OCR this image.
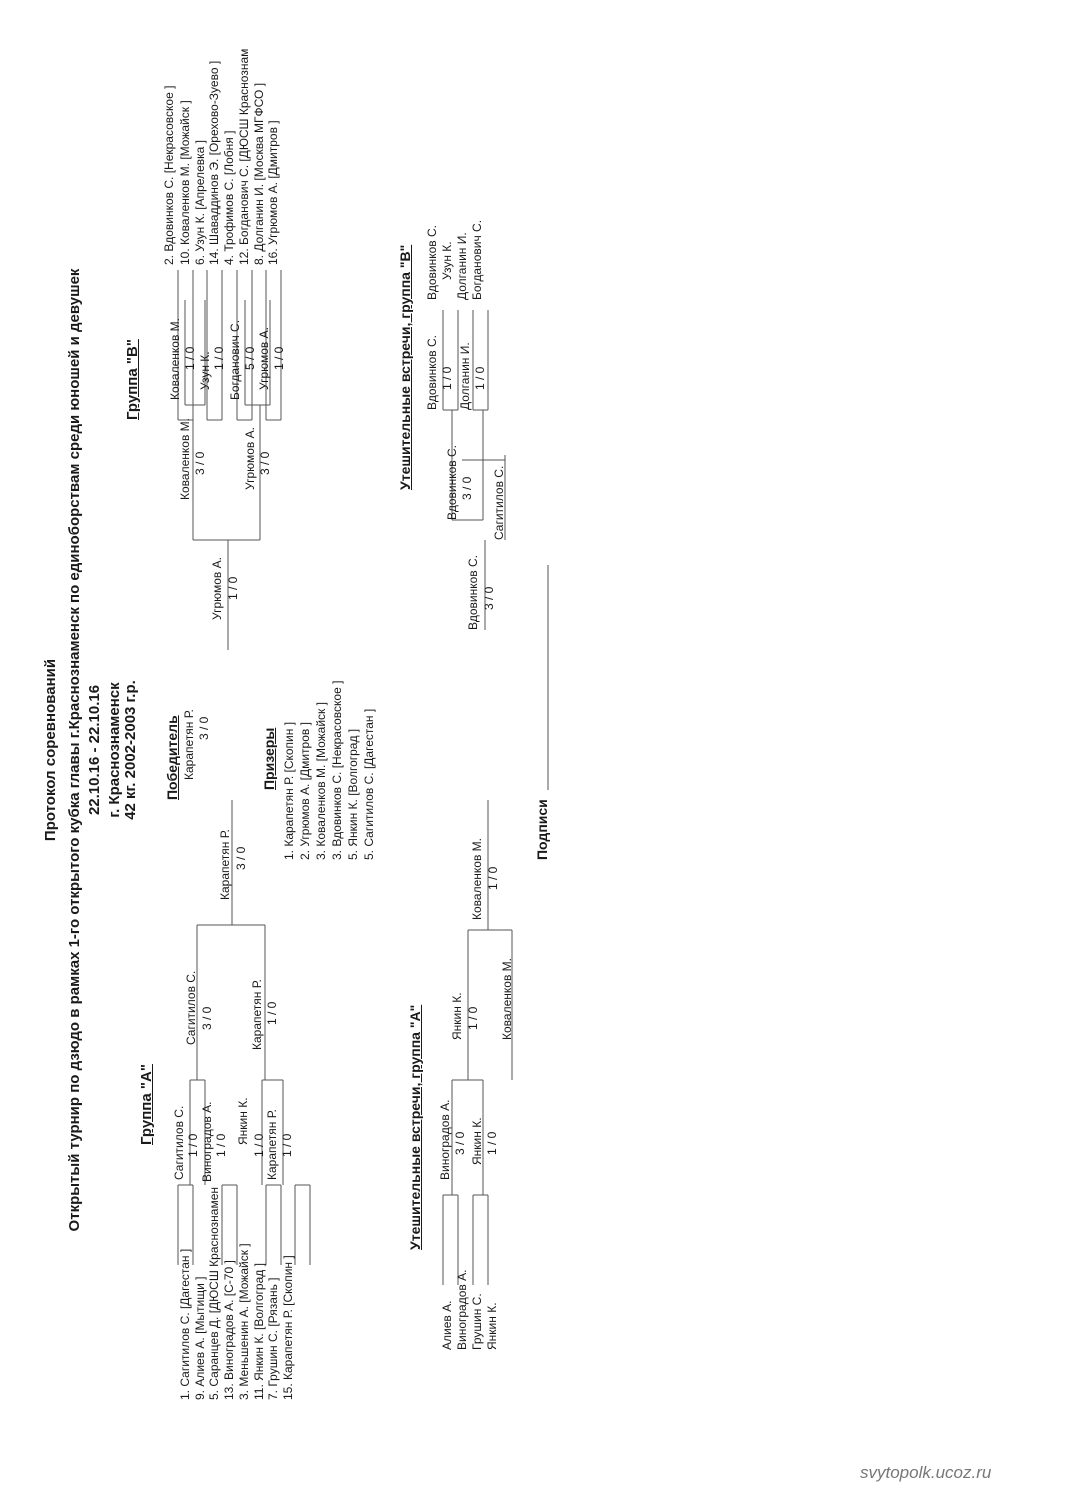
Протокол соревнований Открытый турнир по дзюдо в рамках 1-го открытого кубка главы г.Краснознаменск по единоборствам среди юношей и девушек 22.10.16 - 22.10.16 г. Краснознаменск 42 кг. 2002-2003 г.р.
Группа "А"
Группа "В"
1. Сагитилов С. [Дагестан ] 9. Алиев А. [Мытищи ] 5. Саранцев Д. [ДЮСШ Краснознамен 13. Виноградов А. [С-70 ] 3. Меньшенин А. [Можайск ] 11. Янкин К. [Волгоград ] 7. Грушин С. [Рязань ] 15. Карапетян Р. [Скопин ]
Сагитилов С. 1 / 0 Виноградов А. 1 / 0
Янкин К.
1 / 0 Карапетян Р. 1 / 0
Сагитилов С. 3 / 0	Карапетян Р. 1 / 0
Карапетян Р. 3 / 0
Победитель Карапетян Р. 3 / 0	Призеры 1. Карапетян Р. [Скопин ] 2. Угрюмов А. [Дмитров ] 3. Коваленков М. [Можайск ] 3. Вдовинков С. [Некрасовское ] 5. Янкин К. [Волгоград ] 5. Сагитилов С. [Дагестан ]
Угрюмов А. 1 / 0
Коваленков М. 3 / 0	Угрюмов А. 3 / 0
Коваленков М. 1 / 0 Узун К. 1 / 0 Богданович С. 5 / 0 Угрюмов А. 1 / 0
2. Вдовинков С. [Некрасовское ] 10. Коваленков М. [Можайск ] 6. Узун К. [Апрелевка ] 14. Шаваддинов Э. [Орехово-Зуево ] 4. Трофимов С. [Лобня ] 12. Богданович С. [ДЮСШ Краснознам 8. Долганин И. [Москва МГФСО ] 16. Угрюмов А. [Дмитров ]
Утешительные встречи, группа "А"
Алиев А. Виноградов А. Грушин С. Янкин К.
Виноградов А. 3 / 0 Янкин К. 1 / 0
Янкин К. 1 / 0 Коваленков М.
Коваленков М. 1 / 0
Утешительные встречи, группа "В"
Вдовинков С. 3 / 0
Вдовинков С. 3 / 0 Сагитилов С.
Вдовинков С. 1 / 0 Долганин И. 1 / 0
Вдовинков С. Узун К. Долганин И. Богданович С.
Подписи
svytopolk.ucoz.ru
